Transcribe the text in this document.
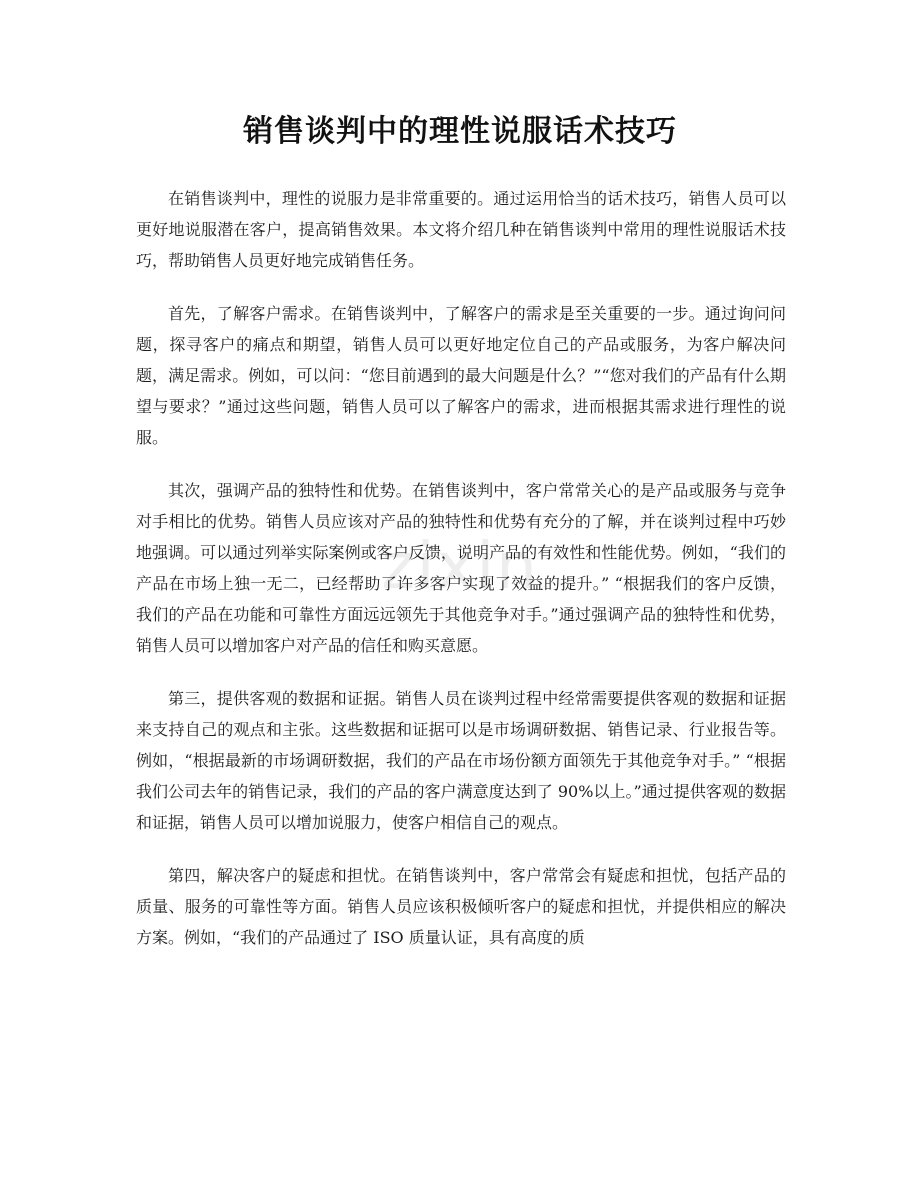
zixin
销售谈判中的理性说服话术技巧

在销售谈判中，理性的说服力是非常重要的。通过运用恰当的话术技巧，销售人员可以更好地说服潜在客户，提高销售效果。本文将介绍几种在销售谈判中常用的理性说服话术技巧，帮助销售人员更好地完成销售任务。

首先，了解客户需求。在销售谈判中，了解客户的需求是至关重要的一步。通过询问问题，探寻客户的痛点和期望，销售人员可以更好地定位自己的产品或服务，为客户解决问题，满足需求。例如，可以问：“您目前遇到的最大问题是什么？”“您对我们的产品有什么期望与要求？”通过这些问题，销售人员可以了解客户的需求，进而根据其需求进行理性的说服。

其次，强调产品的独特性和优势。在销售谈判中，客户常常关心的是产品或服务与竞争对手相比的优势。销售人员应该对产品的独特性和优势有充分的了解，并在谈判过程中巧妙地强调。可以通过列举实际案例或客户反馈，说明产品的有效性和性能优势。例如，“我们的产品在市场上独一无二，已经帮助了许多客户实现了效益的提升。” “根据我们的客户反馈，我们的产品在功能和可靠性方面远远领先于其他竞争对手。”通过强调产品的独特性和优势，销售人员可以增加客户对产品的信任和购买意愿。

第三，提供客观的数据和证据。销售人员在谈判过程中经常需要提供客观的数据和证据来支持自己的观点和主张。这些数据和证据可以是市场调研数据、销售记录、行业报告等。例如，“根据最新的市场调研数据，我们的产品在市场份额方面领先于其他竞争对手。” “根据我们公司去年的销售记录，我们的产品的客户满意度达到了 90%以上。”通过提供客观的数据和证据，销售人员可以增加说服力，使客户相信自己的观点。

第四，解决客户的疑虑和担忧。在销售谈判中，客户常常会有疑虑和担忧，包括产品的质量、服务的可靠性等方面。销售人员应该积极倾听客户的疑虑和担忧，并提供相应的解决方案。例如，“我们的产品通过了 ISO 质量认证，具有高度的质
